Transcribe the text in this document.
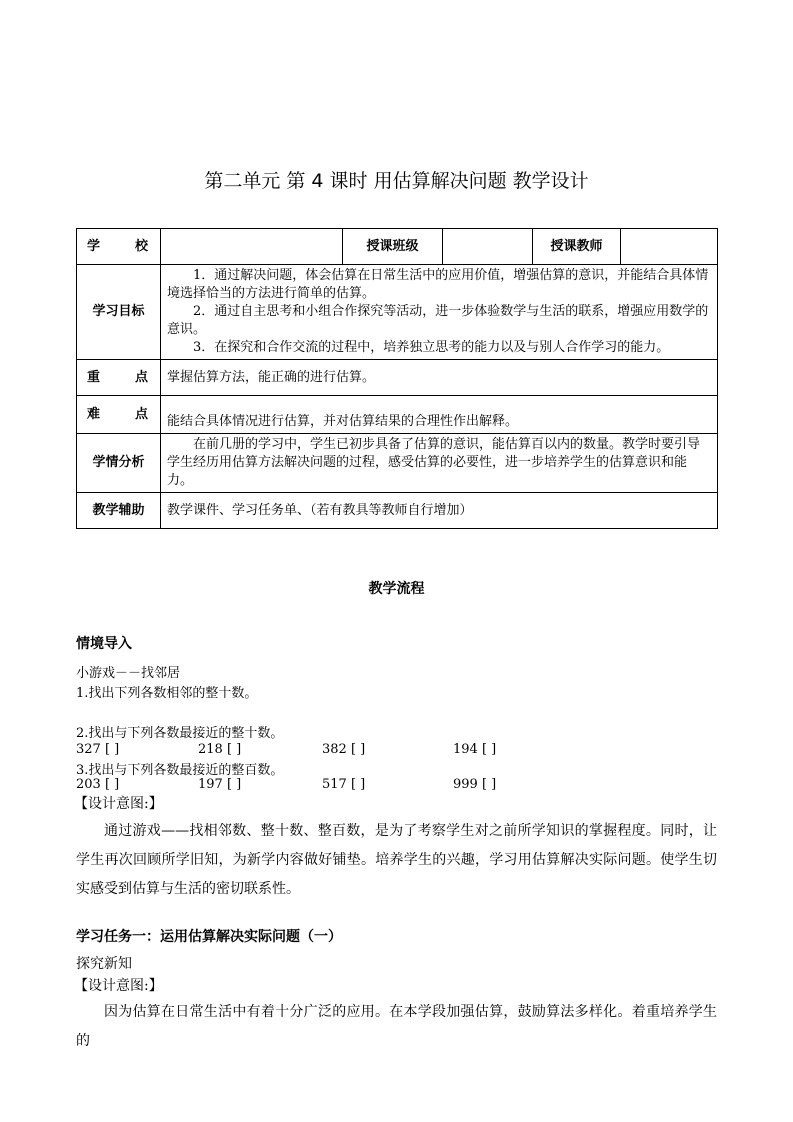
第二单元 第 4 课时 用估算解决问题 教学设计
学校		授课班级		授课教师	
学习目标	1．通过解决问题，体会估算在日常生活中的应用价值，增强估算的意识，并能结合具体情境选择恰当的方法进行简单的估算。

2．通过自主思考和小组合作探究等活动，进一步体验数学与生活的联系，增强应用数学的意识。

3．在探究和合作交流的过程中，培养独立思考的能力以及与别人合作学习的能力。				

重点	掌握估算方法，能正确的进行估算。				
难点	能结合具体情况进行估算，并对估算结果的合理性作出解释。				
学情分析	在前几册的学习中，学生已初步具备了估算的意识，能估算百以内的数量。教学时要引导学生经历用估算方法解决问题的过程，感受估算的必要性，进一步培养学生的估算意识和能力。				

教学辅助	教学课件、学习任务单、（若有教具等教师自行增加）				
教学流程
情境导入
小游戏－－找邻居
1.找出下列各数相邻的整十数。
2.找出与下列各数最接近的整十数。
327 [ ]	218 [ ]	382 [ ]	194 [ ]
3.找出与下列各数最接近的整百数。
203 [ ]	197 [ ]	517 [ ]	999 [ ]
【设计意图:】
通过游戏——找相邻数、整十数、整百数，是为了考察学生对之前所学知识的掌握程度。同时，让学生再次回顾所学旧知，为新学内容做好铺垫。培养学生的兴趣，学习用估算解决实际问题。使学生切实感受到估算与生活的密切联系性。
学习任务一：运用估算解决实际问题（一）
探究新知
【设计意图:】
因为估算在日常生活中有着十分广泛的应用。在本学段加强估算，鼓励算法多样化。着重培养学生的
